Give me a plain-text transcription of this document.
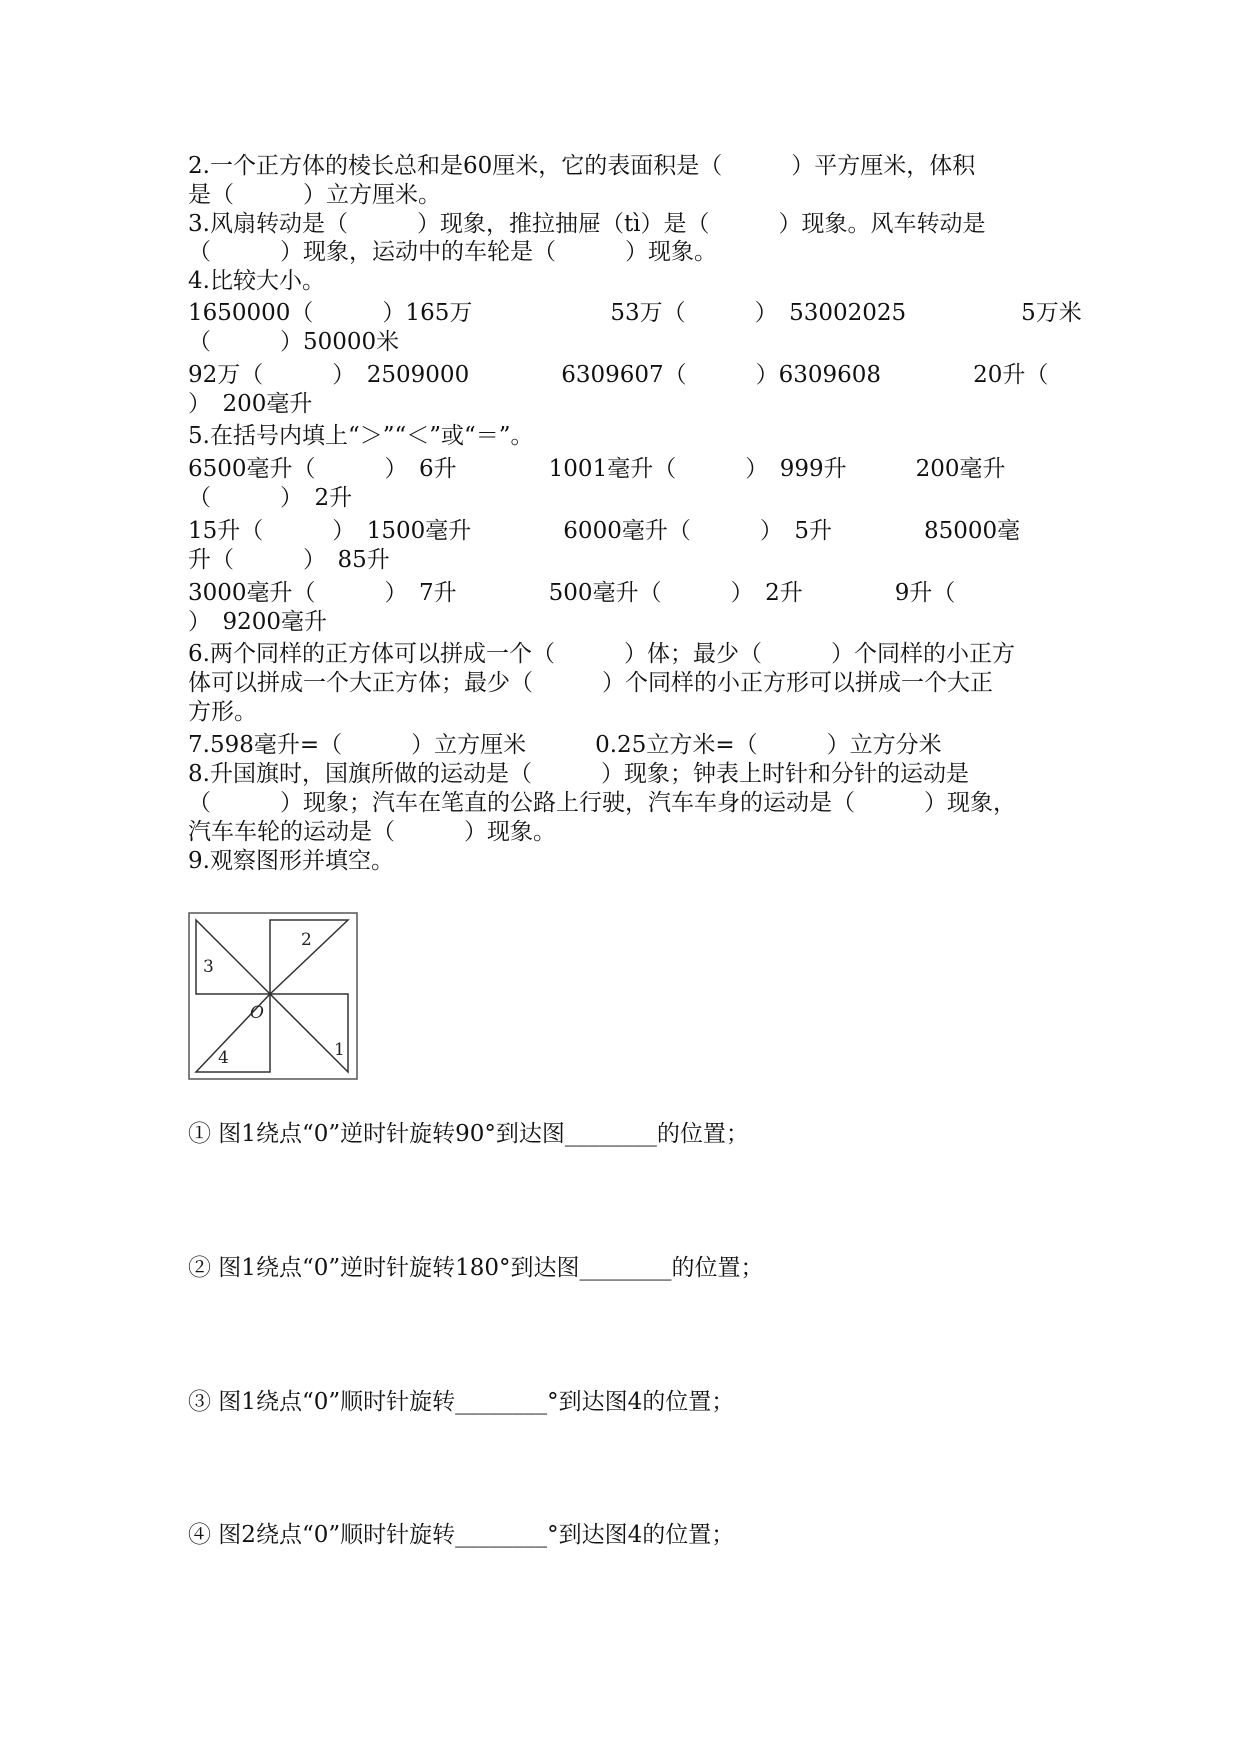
2.一个正方体的棱长总和是60厘米，它的表面积是（　　　）平方厘米，体积
是（　　　）立方厘米。
3.风扇转动是（　　　）现象，推拉抽屉（tì）是（　　　）现象。风车转动是
（　　　）现象，运动中的车轮是（　　　）现象。
4.比较大小。
1650000（　　　）165万　　　　　　53万（　　　）　53002025　　　　　5万米
（　　　）50000米
92万（　　　）　2509000　　　　6309607（　　　）6309608　　　　20升（
）　200毫升
5.在括号内填上“＞”“＜”或“＝”。
6500毫升（　　　）　6升　　　　1001毫升（　　　）　999升　　　200毫升
（　　　）　2升
15升（　　　）　1500毫升　　　　6000毫升（　　　）　5升　　　　85000毫
升（　　　）　85升
3000毫升（　　　）　7升　　　　500毫升（　　　）　2升　　　　9升（
）　9200毫升
6.两个同样的正方体可以拼成一个（　　　）体；最少（　　　）个同样的小正方
体可以拼成一个大正方体；最少（　　　）个同样的小正方形可以拼成一个大正
方形。
7.598毫升=（　　　）立方厘米　　　0.25立方米=（　　　）立方分米
8.升国旗时，国旗所做的运动是（　　　）现象；钟表上时针和分针的运动是
（　　　）现象；汽车在笔直的公路上行驶，汽车车身的运动是（　　　）现象，
汽车车轮的运动是（　　　）现象。
9.观察图形并填空。
1
2
3
4
O
① 图1绕点“0”逆时针旋转90°到达图________的位置；
② 图1绕点“0”逆时针旋转180°到达图________的位置；
③ 图1绕点“0”顺时针旋转________°到达图4的位置；
④ 图2绕点“0”顺时针旋转________°到达图4的位置；
